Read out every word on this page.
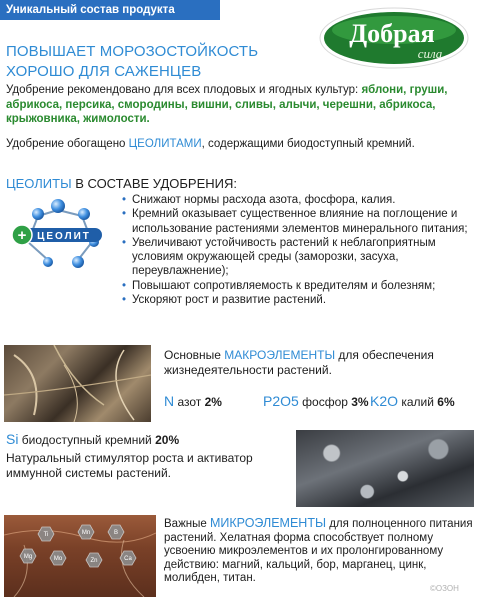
Уникальный состав продукта
Добрая
сила
ПОВЫШАЕТ МОРОЗОСТОЙКОСТЬ
ХОРОШО ДЛЯ САЖЕНЦЕВ
Удобрение рекомендовано для всех плодовых и ягодных культур: яблони, груши, абрикоса, персика, смородины, вишни, сливы, алычи, черешни, абрикоса, крыжовника, жимолости.
Удобрение обогащено ЦЕОЛИТАМИ, содержащими биодоступный кремний.
ЦЕОЛИТЫ В СОСТАВЕ УДОБРЕНИЯ:
+ ЦЕОЛИТ
• Снижают нормы расхода азота, фосфора, калия.
• Кремний оказывает существенное влияние на поглощение и использование растениями элементов минерального питания;
• Увеличивают устойчивость растений к неблагоприятным условиям окружающей среды (заморозки, засуха, переувлажнение);
• Повышают сопротивляемость к вредителям и болезням;
• Ускоряют рост и развитие растений.
Основные МАКРОЭЛЕМЕНТЫ для обеспечения жизнедеятельности растений.
N азот 2%	P2O5 фосфор 3% K2O калий 6%
Si биодоступный кремний 20%
Натуральный стимулятор роста и активатор иммунной системы растений.
Ti	Mn	B
Mg	Mo	Zn	Ca
Важные МИКРОЭЛЕМЕНТЫ для полноценного питания растений. Хелатная форма способствует полному усвоению микроэлементов и их пролонгированному действию: магний, кальций, бор, марганец, цинк, молибден, титан.
©ОЗОН
